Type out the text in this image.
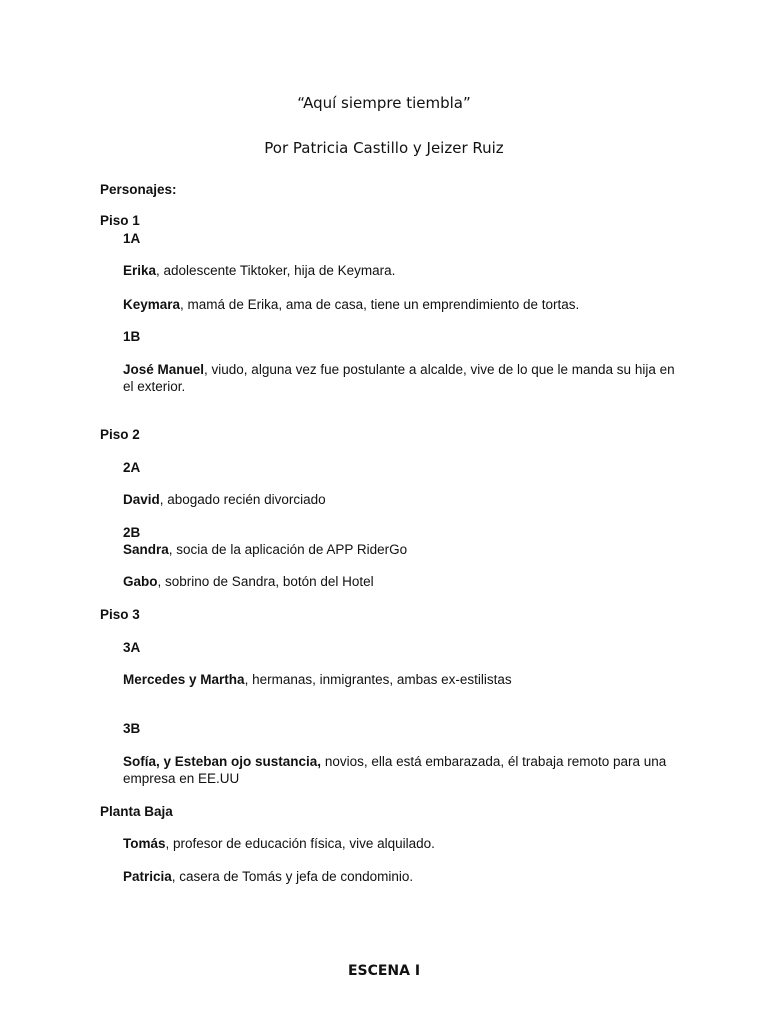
“Aquí siempre tiembla”
Por Patricia Castillo y Jeizer Ruiz
Personajes:
Piso 1
1A
Erika, adolescente Tiktoker, hija de Keymara.
Keymara, mamá de Erika, ama de casa, tiene un emprendimiento de tortas.
1B
José Manuel, viudo, alguna vez fue postulante a alcalde, vive de lo que le manda su hija en el exterior.
Piso 2
2A
David, abogado recién divorciado
2B
Sandra, socia de la aplicación de APP RiderGo
Gabo, sobrino de Sandra, botón del Hotel
Piso 3
3A
Mercedes y Martha, hermanas, inmigrantes, ambas ex-estilistas
3B
Sofía, y Esteban ojo sustancia, novios, ella está embarazada, él trabaja remoto para una empresa en EE.UU
Planta Baja
Tomás, profesor de educación física, vive alquilado.
Patricia, casera de Tomás y jefa de condominio.
ESCENA I
